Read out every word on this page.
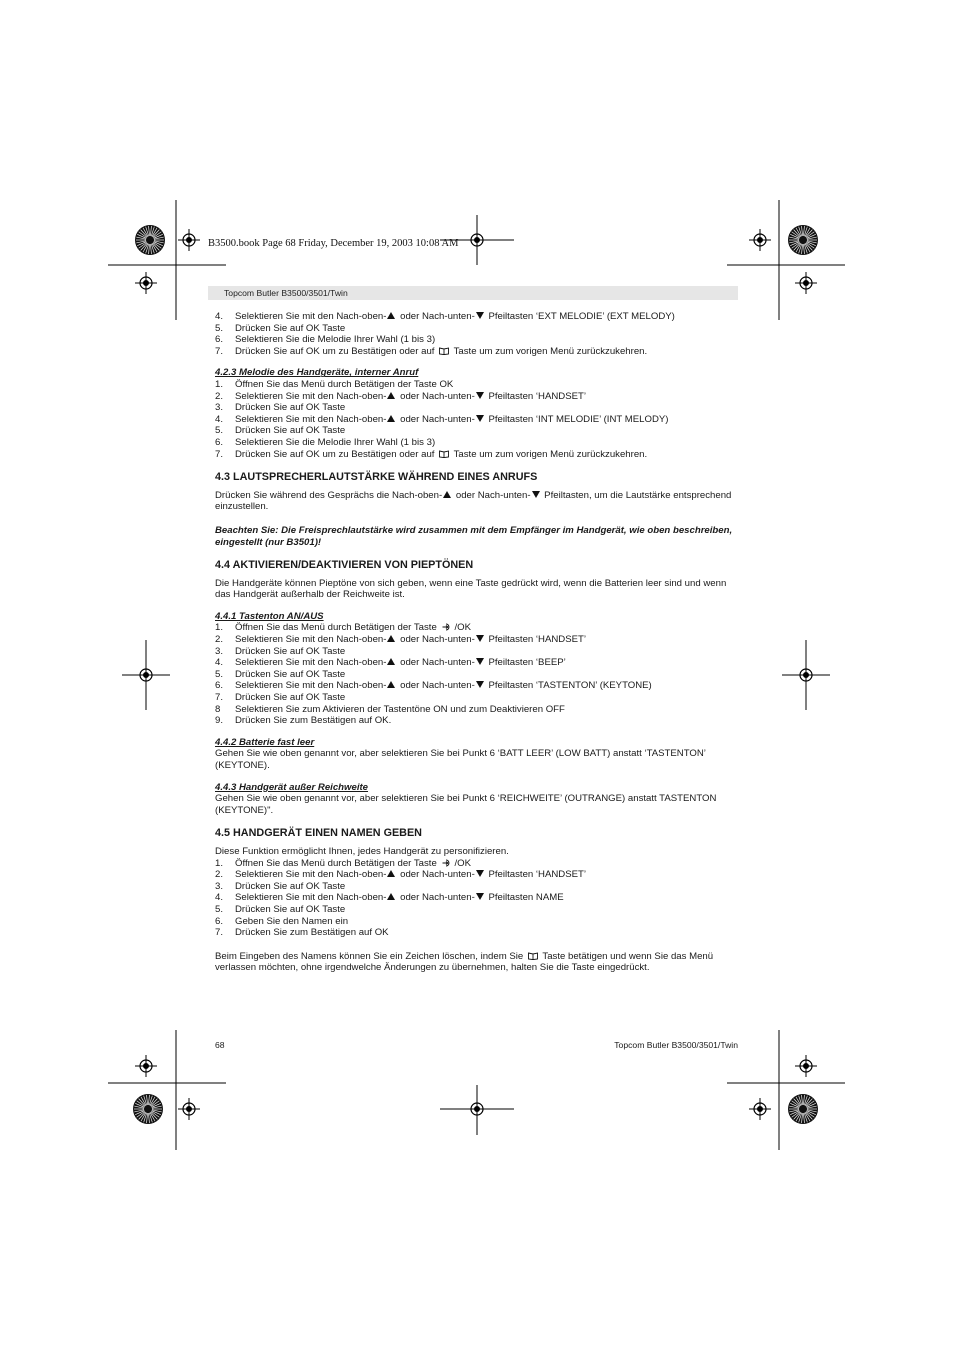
B3500.book Page 68 Friday, December 19, 2003 10:08 AM
Topcom Butler B3500/3501/Twin
4.	Selektieren Sie mit den Nach-oben- oder Nach-unten- Pfeiltasten ‘EXT MELODIE’ (EXT MELODY)
5.	Drücken Sie auf OK Taste
6.	Selektieren Sie die Melodie Ihrer Wahl (1 bis 3)
7.	Drücken Sie auf OK um zu Bestätigen oder auf  Taste um zum vorigen Menü zurückzukehren.
4.2.3 Melodie des Handgeräte, interner Anruf
1.	Öffnen Sie das Menü durch Betätigen der Taste OK
2.	Selektieren Sie mit den Nach-oben- oder Nach-unten- Pfeiltasten ‘HANDSET’
3.	Drücken Sie auf OK Taste
4.	Selektieren Sie mit den Nach-oben- oder Nach-unten- Pfeiltasten ‘INT MELODIE’ (INT MELODY)
5.	Drücken Sie auf OK Taste
6.	Selektieren Sie die Melodie Ihrer Wahl (1 bis 3)
7.	Drücken Sie auf OK um zu Bestätigen oder auf  Taste um zum vorigen Menü zurückzukehren.
4.3 LAUTSPRECHERLAUTSTÄRKE WÄHREND EINES ANRUFS

Drücken Sie während des Gesprächs die Nach-oben- oder Nach-unten- Pfeiltasten, um die Lautstärke entsprechend einzustellen.

Beachten Sie: Die Freisprechlautstärke wird zusammen mit dem Empfänger im Handgerät, wie oben beschreiben, eingestellt (nur B3501)!

4.4 AKTIVIEREN/DEAKTIVIEREN VON PIEPTÖNEN

Die Handgeräte können Pieptöne von sich geben, wenn eine Taste gedrückt wird, wenn die Batterien leer sind und wenn das Handgerät außerhalb der Reichweite ist.

4.4.1 Tastenton AN/AUS
1.	Öffnen Sie das Menü durch Betätigen der Taste /OK
2.	Selektieren Sie mit den Nach-oben- oder Nach-unten- Pfeiltasten ‘HANDSET’
3.	Drücken Sie auf OK Taste
4.	Selektieren Sie mit den Nach-oben- oder Nach-unten- Pfeiltasten ‘BEEP’
5.	Drücken Sie auf OK Taste
6.	Selektieren Sie mit den Nach-oben- oder Nach-unten- Pfeiltasten ‘TASTENTON’ (KEYTONE)
7.	Drücken Sie auf OK Taste
8	Selektieren Sie zum Aktivieren der Tastentöne ON und zum Deaktivieren OFF
9.	Drücken Sie zum Bestätigen auf OK.
4.4.2 Batterie fast leer

Gehen Sie wie oben genannt vor, aber selektieren Sie bei Punkt 6 ‘BATT LEER’ (LOW BATT) anstatt ‘TASTENTON’ (KEYTONE).

4.4.3 Handgerät außer Reichweite

Gehen Sie wie oben genannt vor, aber selektieren Sie bei Punkt 6 ‘REICHWEITE’ (OUTRANGE) anstatt TASTENTON (KEYTONE)".

4.5 HANDGERÄT EINEN NAMEN GEBEN

Diese Funktion ermöglicht Ihnen, jedes Handgerät zu personifizieren.

1.	Öffnen Sie das Menü durch Betätigen der Taste /OK
2.	Selektieren Sie mit den Nach-oben- oder Nach-unten- Pfeiltasten ‘HANDSET’
3.	Drücken Sie auf OK Taste
4.	Selektieren Sie mit den Nach-oben- oder Nach-unten- Pfeiltasten NAME
5.	Drücken Sie auf OK Taste
6.	Geben Sie den Namen ein
7.	Drücken Sie zum Bestätigen auf OK

Beim Eingeben des Namens können Sie ein Zeichen löschen, indem Sie  Taste betätigen und wenn Sie das Menü verlassen möchten, ohne irgendwelche Änderungen zu übernehmen, halten Sie die Taste eingedrückt.

68	Topcom Butler B3500/3501/Twin
